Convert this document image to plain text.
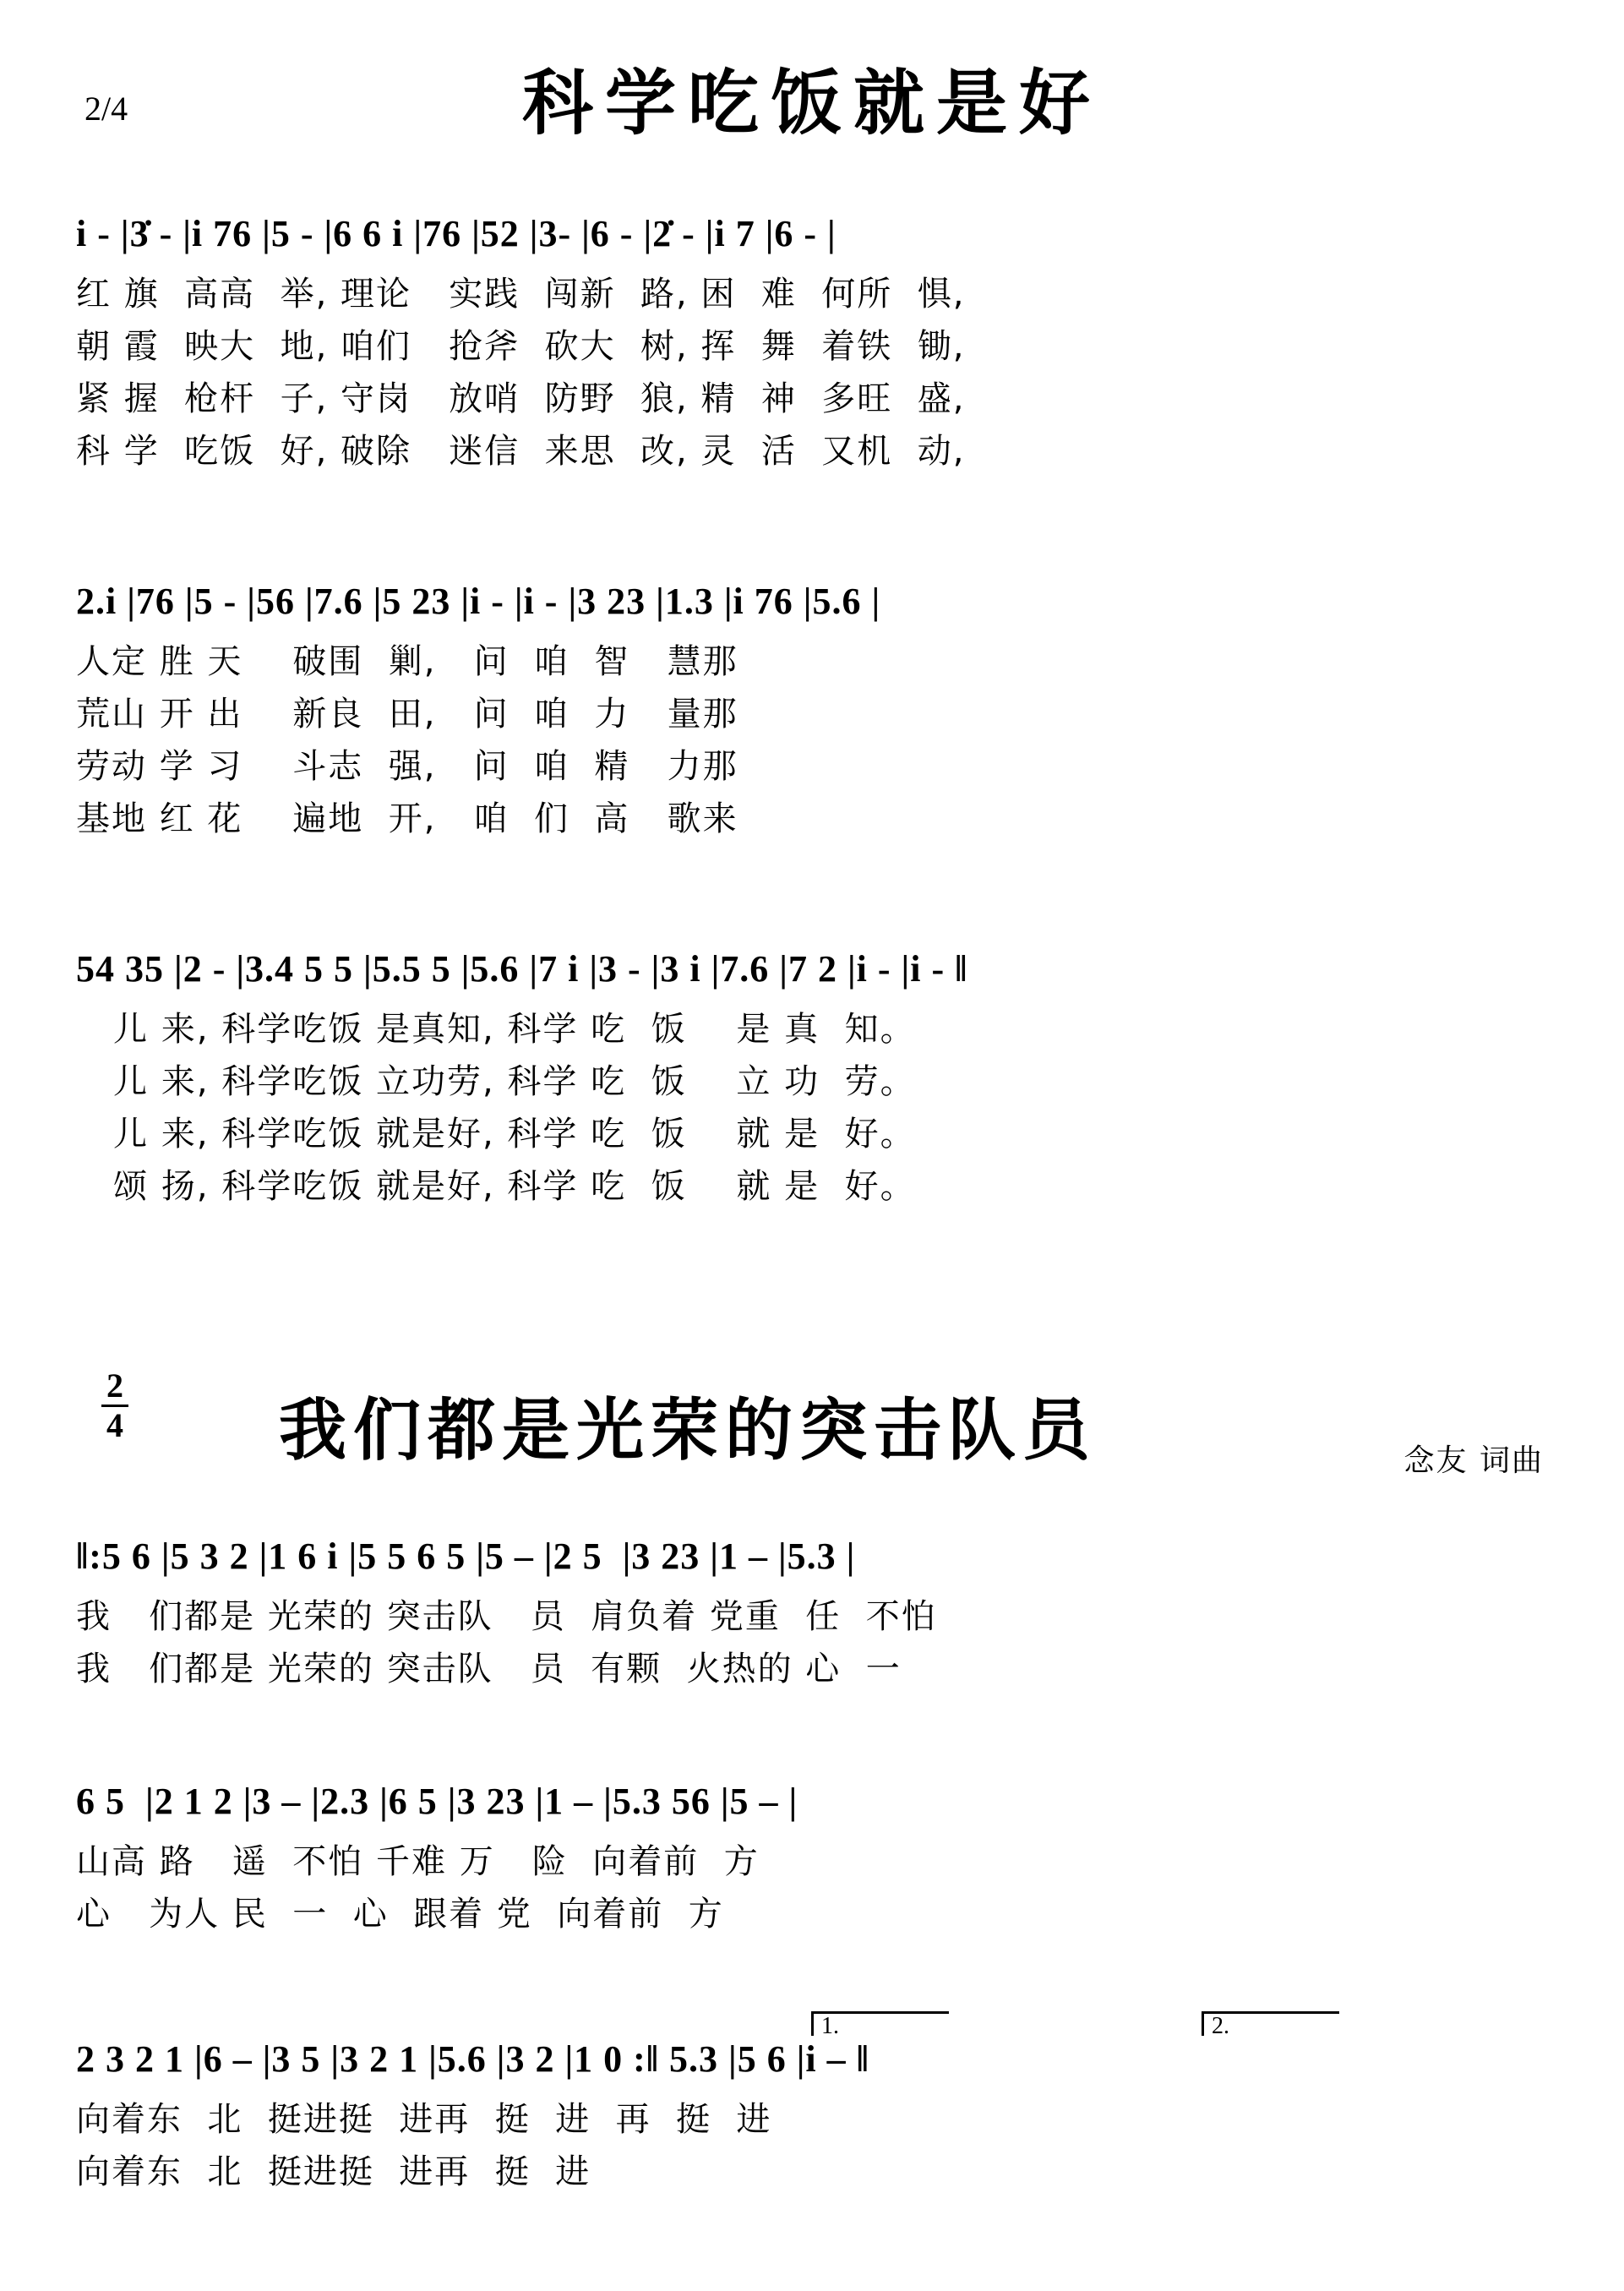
2/4	科学吃饭就是好
i - |3̇ - |i 76 |5 - |6 6 i |76 |52 |3- |6 - |2̇ - |i 7 |6 - |
红 旗  高高  举, 理论   实践  闯新  路, 困  难  何所  惧,
朝 霞  映大  地, 咱们   抢斧  砍大  树, 挥  舞  着铁  锄,
紧 握  枪杆  子, 守岗   放哨  防野  狼, 精  神  多旺  盛,
科 学  吃饭  好, 破除   迷信  来思  改, 灵  活  又机  动,
2.i |76 |5 - |56 |7.6 |5 23 |i - |i - |3 23 |1.3 |i 76 |5.6 |
人定 胜 天    破围  剿,   问  咱  智   慧那
荒山 开 出    新良  田,   问  咱  力   量那
劳动 学 习    斗志  强,   问  咱  精   力那
基地 红 花    遍地  开,   咱  们  高   歌来
54 35 |2 - |3.4 5 5 |5.5 5 |5.6 |7 i |3 - |3 i |7.6 |7 2 |i - |i - ‖
儿 来, 科学吃饭 是真知, 科学 吃  饭    是 真  知。
儿 来, 科学吃饭 立功劳, 科学 吃  饭    立 功  劳。
儿 来, 科学吃饭 就是好, 科学 吃  饭    就 是  好。
颂 扬, 科学吃饭 就是好, 科学 吃  饭    就 是  好。
$\frac{2}{4}$ 我们都是光荣的突击队员	念友 词曲
‖:5 6 |5 3 2 |1 6 i |5 5 6 5 |5 – |2 5  |3 23 |1 – |5.3 |
我   们都是 光荣的 突击队   员  肩负着 党重  任  不怕
我   们都是 光荣的 突击队   员  有颗  火热的 心  一
6 5  |2 1 2 |3 – |2.3 |6 5 |3 23 |1 – |5.3 56 |5 – |
山高 路   遥  不怕 千难 万   险  向着前  方
心   为人 民  一  心  跟着 党  向着前  方
1.	2.
2 3 2 1 |6 – |3 5 |3 2 1 |5.6 |3 2 |1 0 :‖ 5.3 |5 6 |i – ‖
向着东  北  挺进挺  进再  挺  进  再  挺  进
向着东  北  挺进挺  进再  挺  进
